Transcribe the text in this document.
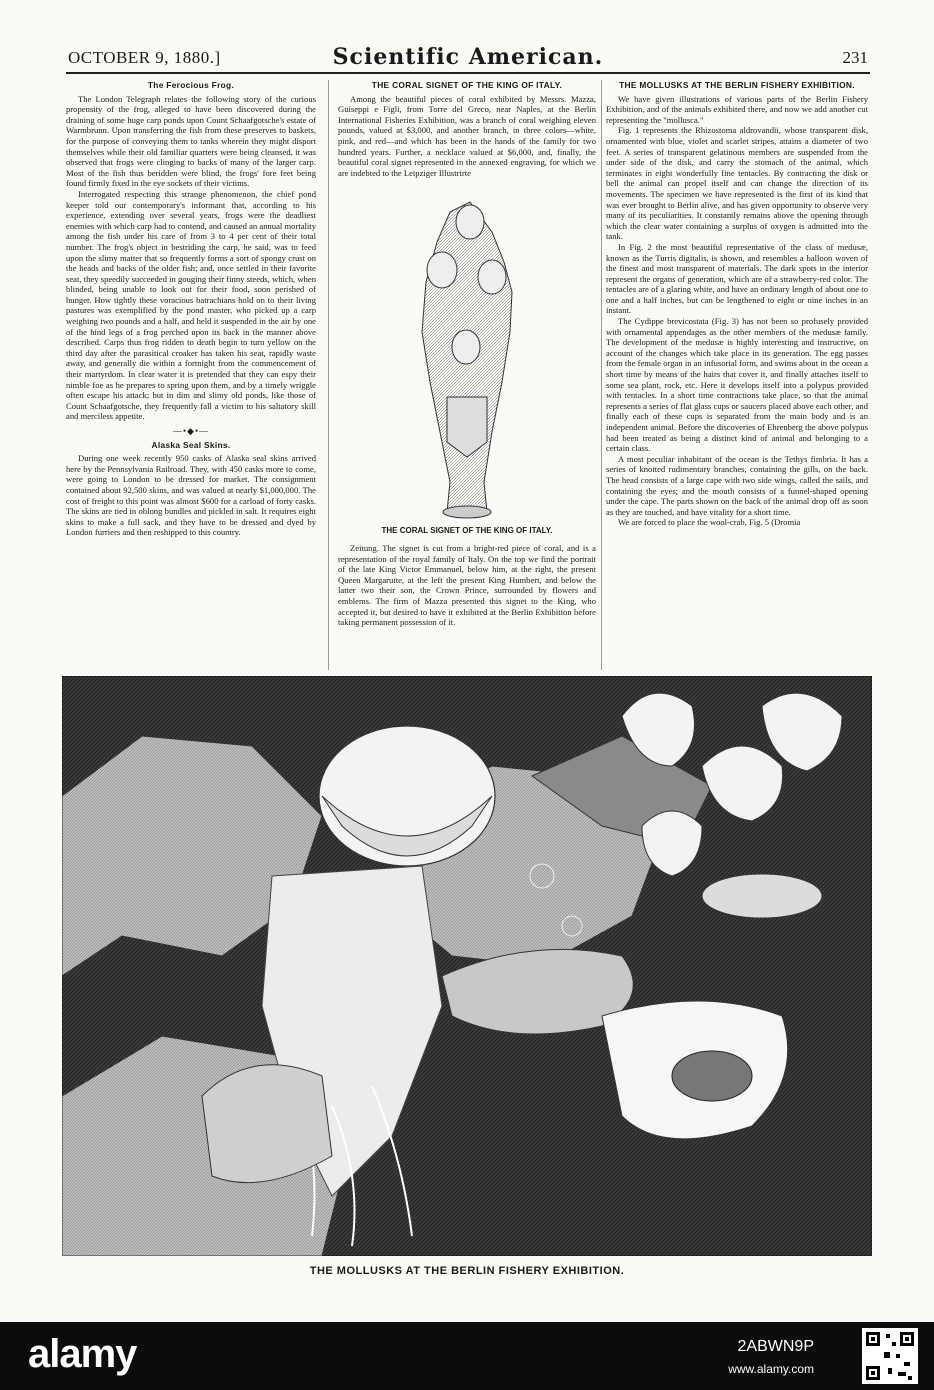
OCTOBER 9, 1880.]	Scientific American.	231
The Ferocious Frog.

The London Telegraph relates the following story of the curious propensity of the frog, alleged to have been discovered during the draining of some huge carp ponds upon Count Schaafgotsche's estate of Warmbrunn. Upon transferring the fish from these preserves to baskets, for the purpose of conveying them to tanks wherein they might disport themselves while their old familiar quarters were being cleansed, it was observed that frogs were clinging to backs of many of the larger carp. Most of the fish thus beridden were blind, the frogs' fore feet being found firmly fixed in the eye sockets of their victims.

Interrogated respecting this strange phenomenon, the chief pond keeper told our contemporary's informant that, according to his experience, extending over several years, frogs were the deadliest enemies with which carp had to contend, and caused an annual mortality among the fish under his care of from 3 to 4 per cent of their total number. The frog's object in bestriding the carp, he said, was to feed upon the slimy matter that so frequently forms a sort of spongy crust on the heads and backs of the older fish; and, once settled in their favorite seat, they speedily succeeded in gouging their finny steeds, which, when blinded, being unable to look out for their food, soon perished of hunger. How tightly these voracious batrachians hold on to their living pastures was exemplified by the pond master, who picked up a carp weighing two pounds and a half, and held it suspended in the air by one of the hind legs of a frog perched upon its back in the manner above described. Carps thus frog ridden to death begin to turn yellow on the third day after the parasitical croaker has taken his seat, rapidly waste away, and generally die within a fortnight from the commencement of their martyrdom. In clear water it is pretended that they can espy their nimble foe as he prepares to spring upon them, and by a timely wriggle often escape his attack; but in dim and slimy old ponds, like those of Count Schaafgotsche, they frequently fall a victim to his saltatory skill and merciless appetite.

—•◆•—
Alaska Seal Skins.

During one week recently 950 casks of Alaska seal skins arrived here by the Pennsylvania Railroad. They, with 450 casks more to come, were going to London to be dressed for market. The consignment contained about 92,500 skins, and was valued at nearly $1,000,000. The cost of freight to this point was almost $600 for a carload of forty casks. The skins are tied in oblong bundles and pickled in salt. It requires eight skins to make a full sack, and they have to be dressed and dyed by London furriers and then reshipped to this country.

THE CORAL SIGNET OF THE KING OF ITALY.

Among the beautiful pieces of coral exhibited by Messrs. Mazza, Guiseppi e Figli, from Torre del Greco, near Naples, at the Berlin International Fisheries Exhibition, was a branch of coral weighing eleven pounds, valued at $3,000, and another branch, in three colors—white, pink, and red—and which has been in the hands of the family for two hundred years. Further, a necklace valued at $6,000, and, finally, the beautiful coral signet represented in the annexed engraving, for which we are indebted to the Leipziger Illustrirte

THE CORAL SIGNET OF THE KING OF ITALY.

Zeitung. The signet is cut from a bright-red piece of coral, and is a representation of the royal family of Italy. On the top we find the portrait of the late King Victor Emmanuel, below him, at the right, the present Queen Margaruite, at the left the present King Humbert, and below the latter two their son, the Crown Prince, surrounded by flowers and emblems. The firm of Mazza presented this signet to the King, who accepted it, but desired to have it exhibited at the Berlin Exhibition before taking permanent possession of it.

THE MOLLUSKS AT THE BERLIN FISHERY EXHIBITION.

We have given illustrations of various parts of the Berlin Fishery Exhibition, and of the animals exhibited there, and now we add another cut representing the "mollusca."

Fig. 1 represents the Rhizostoma aldrovandii, whose transparent disk, ornamented with blue, violet and scarlet stripes, attains a diameter of two feet. A series of transparent gelatinous members are suspended from the under side of the disk, and carry the stomach of the animal, which terminates in eight wonderfully fine tentacles. By contracting the disk or bell the animal can propel itself and can change the direction of its movements. The specimen we have represented is the first of its kind that was ever brought to Berlin alive, and has given opportunity to observe very many of its peculiarities. It constantly remains above the opening through which the clear water containing a surplus of oxygen is admitted into the tank.

In Fig. 2 the most beautiful representative of the class of medusæ, known as the Turris digitalis, is shown, and resembles a balloon woven of the finest and most transparent of materials. The dark spots in the interior represent the organs of generation, which are of a strawberry-red color. The tentacles are of a glaring white, and have an ordinary length of about one to one and a half inches, but can be lengthened to eight or nine inches in an instant.

The Cydippe brevicostata (Fig. 3) has not been so profusely provided with ornamental appendages as the other members of the medusæ family. The development of the medusæ is highly interesting and instructive, on account of the changes which take place in its generation. The egg passes from the female organ in an infusorial form, and swims about in the ocean a short time by means of the hairs that cover it, and finally attaches itself to some sea plant, rock, etc. Here it develops itself into a polypus provided with tentacles. In a short time contractions take place, so that the animal represents a series of flat glass cups or saucers placed above each other, and finally each of these cups is separated from the main body and is an independent animal. Before the discoveries of Ehrenberg the above polypus had been treated as being a distinct kind of animal and belonging to a certain class.

A most peculiar inhabitant of the ocean is the Tethys fimbria. It has a series of knotted rudimentary branches, containing the gills, on the back. The head consists of a large cape with two side wings, called the sails, and containing the eyes; and the mouth consists of a funnel-shaped opening under the cape. The parts shown on the back of the animal drop off as soon as they are touched, and have vitality for a short time.

We are forced to place the wool-crab, Fig. 5 (Dromia

THE MOLLUSKS AT THE BERLIN FISHERY EXHIBITION.
alamy	2ABWN9P
www.alamy.com
